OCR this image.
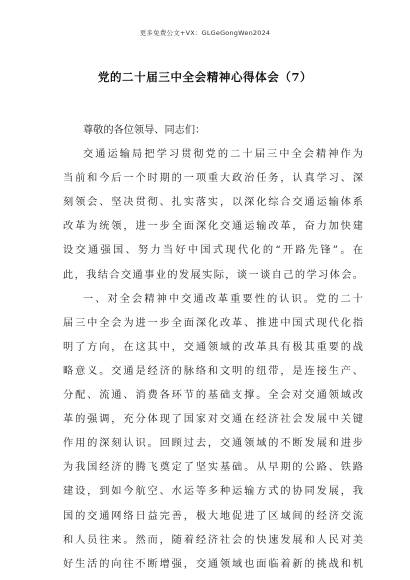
更多免费公文+VX：GLGeGongWen2024
党的二十届三中全会精神心得体会（7）
尊敬的各位领导、同志们：
交通运输局把学习贯彻党的二十届三中全会精神作为
当前和今后一个时期的一项重大政治任务，认真学习、深
刻领会、坚决贯彻、扎实落实，以深化综合交通运输体系
改革为统领，进一步全面深化交通运输改革，奋力加快建
设交通强国、努力当好中国式现代化的“开路先锋”。在
此，我结合交通事业的发展实际，谈一谈自己的学习体会。
一、对全会精神中交通改革重要性的认识。党的二十
届三中全会为进一步全面深化改革、推进中国式现代化指
明了方向，在这其中，交通领域的改革具有极其重要的战
略意义。交通是经济的脉络和文明的纽带，是连接生产、
分配、流通、消费各环节的基础支撑。全会对交通领域改
革的强调，充分体现了国家对交通在经济社会发展中关键
作用的深刻认识。回顾过去，交通领域的不断发展和进步
为我国经济的腾飞奠定了坚实基础。从早期的公路、铁路
建设，到如今航空、水运等多种运输方式的协同发展，我
国的交通网络日益完善，极大地促进了区域间的经济交流
和人员往来。然而，随着经济社会的快速发展和人民对美
好生活的向往不断增强，交通领域也面临着新的挑战和机
